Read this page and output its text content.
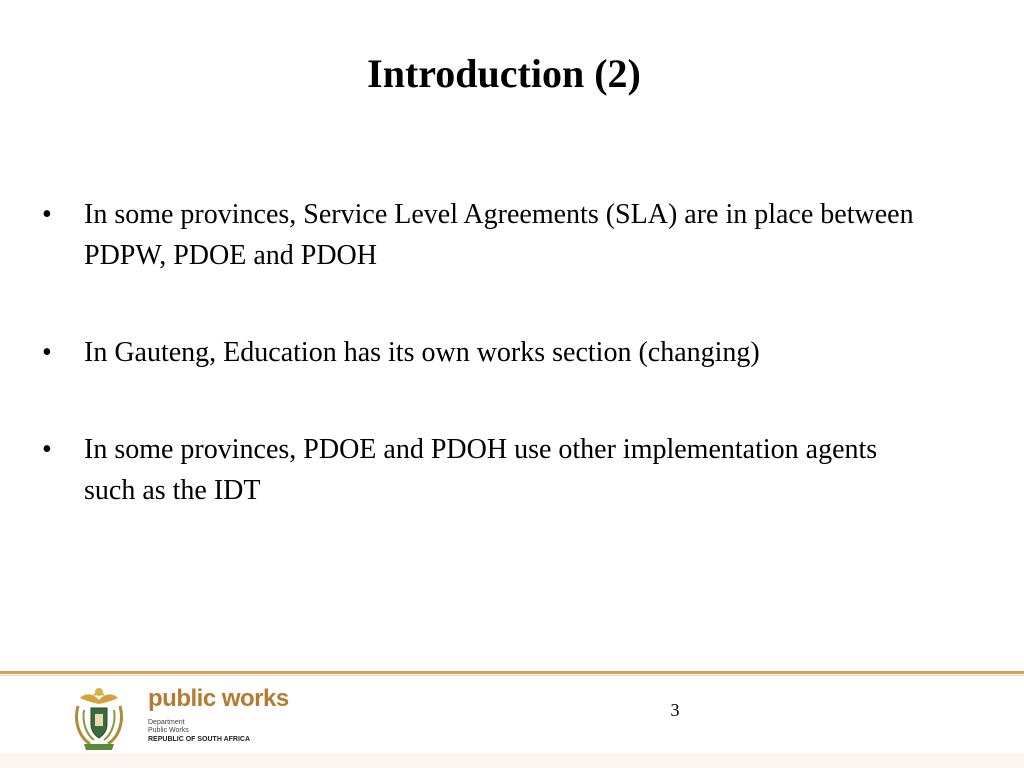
Introduction (2)
• In some provinces, Service Level Agreements (SLA) are in place between PDPW, PDOE and PDOH
• In Gauteng, Education has its own works section (changing)
• In some provinces, PDOE and PDOH use other implementation agents such as the IDT
public works
Department
Public Works
REPUBLIC OF SOUTH AFRICA
3
